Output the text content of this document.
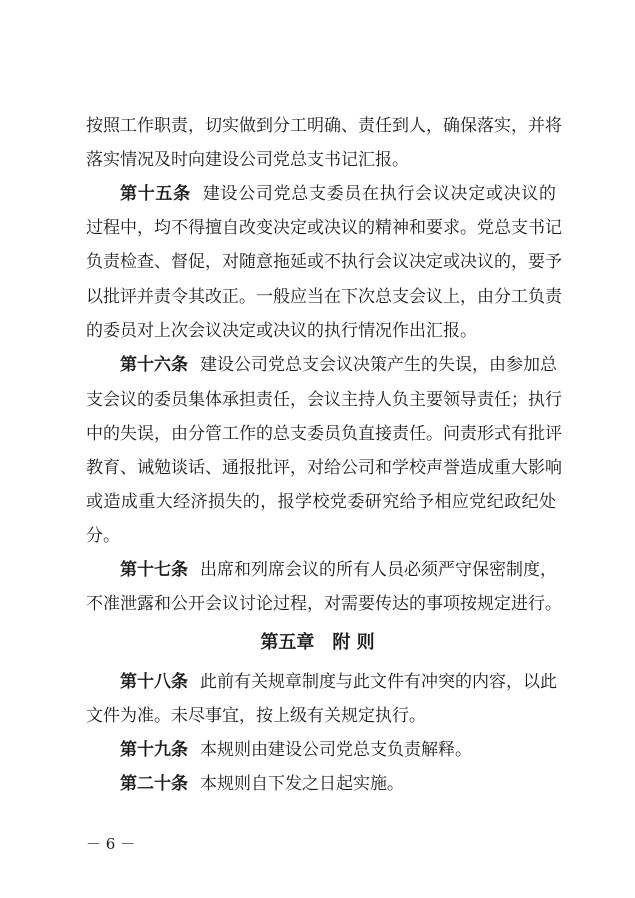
按照工作职责，切实做到分工明确、责任到人，确保落实，并将
落实情况及时向建设公司党总支书记汇报。
第十五条 建设公司党总支委员在执行会议决定或决议的
过程中，均不得擅自改变决定或决议的精神和要求。党总支书记
负责检查、督促，对随意拖延或不执行会议决定或决议的，要予
以批评并责令其改正。一般应当在下次总支会议上，由分工负责
的委员对上次会议决定或决议的执行情况作出汇报。
第十六条 建设公司党总支会议决策产生的失误，由参加总
支会议的委员集体承担责任，会议主持人负主要领导责任；执行
中的失误，由分管工作的总支委员负直接责任。问责形式有批评
教育、诫勉谈话、通报批评，对给公司和学校声誉造成重大影响
或造成重大经济损失的，报学校党委研究给予相应党纪政纪处
分。
第十七条 出席和列席会议的所有人员必须严守保密制度，
不准泄露和公开会议讨论过程，对需要传达的事项按规定进行。
第五章　附 则
第十八条 此前有关规章制度与此文件有冲突的内容，以此
文件为准。未尽事宜，按上级有关规定执行。
第十九条 本规则由建设公司党总支负责解释。
第二十条 本规则自下发之日起实施。
－ 6 －
